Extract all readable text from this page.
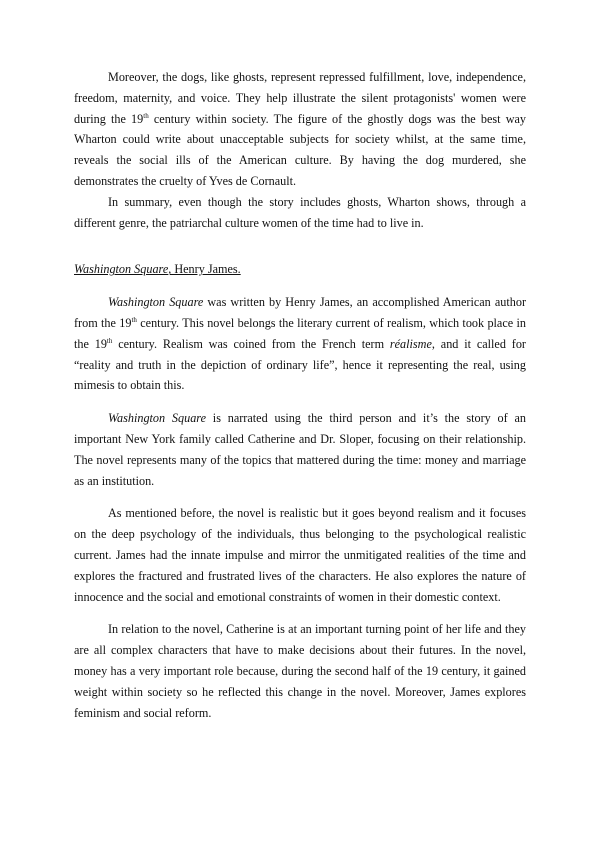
Moreover, the dogs, like ghosts, represent repressed fulfillment, love, independence, freedom, maternity, and voice. They help illustrate the silent protagonists' women were during the 19th century within society. The figure of the ghostly dogs was the best way Wharton could write about unacceptable subjects for society whilst, at the same time, reveals the social ills of the American culture. By having the dog murdered, she demonstrates the cruelty of Yves de Cornault.

In summary, even though the story includes ghosts, Wharton shows, through a different genre, the patriarchal culture women of the time had to live in.

Washington Square, Henry James.

Washington Square was written by Henry James, an accomplished American author from the 19th century. This novel belongs the literary current of realism, which took place in the 19th century. Realism was coined from the French term réalisme, and it called for “reality and truth in the depiction of ordinary life”, hence it representing the real, using mimesis to obtain this.

Washington Square is narrated using the third person and it’s the story of an important New York family called Catherine and Dr. Sloper, focusing on their relationship. The novel represents many of the topics that mattered during the time: money and marriage as an institution.

As mentioned before, the novel is realistic but it goes beyond realism and it focuses on the deep psychology of the individuals, thus belonging to the psychological realistic current. James had the innate impulse and mirror the unmitigated realities of the time and explores the fractured and frustrated lives of the characters. He also explores the nature of innocence and the social and emotional constraints of women in their domestic context.

In relation to the novel, Catherine is at an important turning point of her life and they are all complex characters that have to make decisions about their futures. In the novel, money has a very important role because, during the second half of the 19 century, it gained weight within society so he reflected this change in the novel. Moreover, James explores feminism and social reform.
